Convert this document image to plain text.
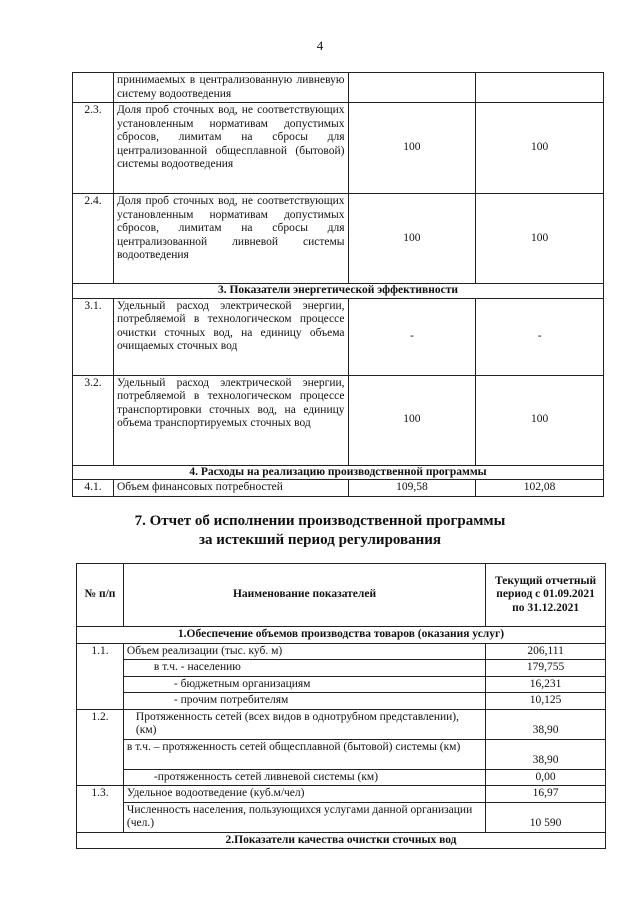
4
	принимаемых в централизованную ливневую систему водоотведения		
2.3.	Доля проб сточных вод, не соответствующих установленным нормативам допустимых сбросов, лимитам на сбросы для централизованной общесплавной (бытовой) системы водоотведения	100	100
2.4.	Доля проб сточных вод, не соответствующих установленным нормативам допустимых сбросов, лимитам на сбросы для централизованной ливневой системы водоотведения	100	100
3. Показатели энергетической эффективности			
3.1.	Удельный расход электрической энергии, потребляемой в технологическом процессе очистки сточных вод, на единицу объема очищаемых сточных вод	-	-
3.2.	Удельный расход электрической энергии, потребляемой в технологическом процессе транспортировки сточных вод, на единицу объема транспортируемых сточных вод	100	100
4. Расходы на реализацию производственной программы			
4.1.	Объем финансовых потребностей	109,58	102,08
7. Отчет об исполнении производственной программы
за истекший период регулирования
№ п/п	Наименование показателей	Текущий отчетный период с 01.09.2021 по 31.12.2021
1.Обеспечение объемов производства товаров (оказания услуг)		
1.1.	Объем реализации (тыс. куб. м)	206,111
	в т.ч. - населению	179,755
	- бюджетным организациям	16,231
	- прочим потребителям	10,125
1.2.	Протяженность сетей (всех видов в однотрубном представлении), (км)	38,90
	в т.ч. – протяженность сетей общесплавной (бытовой) системы (км)	38,90
	-протяженность сетей ливневой системы (км)	0,00
1.3.	Удельное водоотведение (куб.м/чел)	16,97
	Численность населения, пользующихся услугами данной организации (чел.)	10 590
2.Показатели качества очистки сточных вод		
